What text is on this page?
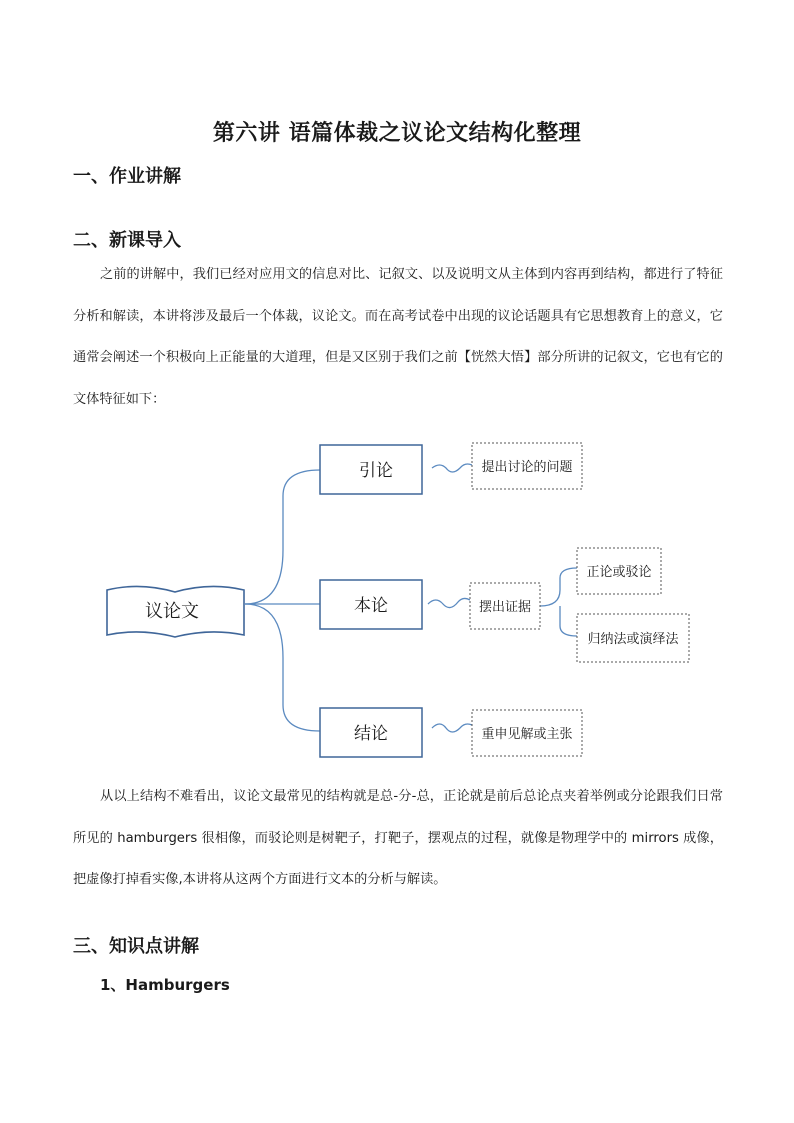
第六讲 语篇体裁之议论文结构化整理
一、作业讲解
二、新课导入

之前的讲解中，我们已经对应用文的信息对比、记叙文、以及说明文从主体到内容再到结构，都进行了特征分析和解读，本讲将涉及最后一个体裁，议论文。而在高考试卷中出现的议论话题具有它思想教育上的意义，它通常会阐述一个积极向上正能量的大道理，但是又区别于我们之前【恍然大悟】部分所讲的记叙文，它也有它的文体特征如下：

议论文
引论
本论
结论
提出讨论的问题
摆出证据
正论或驳论
归纳法或演绎法
重申见解或主张

从以上结构不难看出，议论文最常见的结构就是总-分-总，正论就是前后总论点夹着举例或分论跟我们日常所见的 hamburgers 很相像，而驳论则是树靶子，打靶子，摆观点的过程，就像是物理学中的 mirrors 成像，把虚像打掉看实像,本讲将从这两个方面进行文本的分析与解读。

三、知识点讲解
1、Hamburgers
